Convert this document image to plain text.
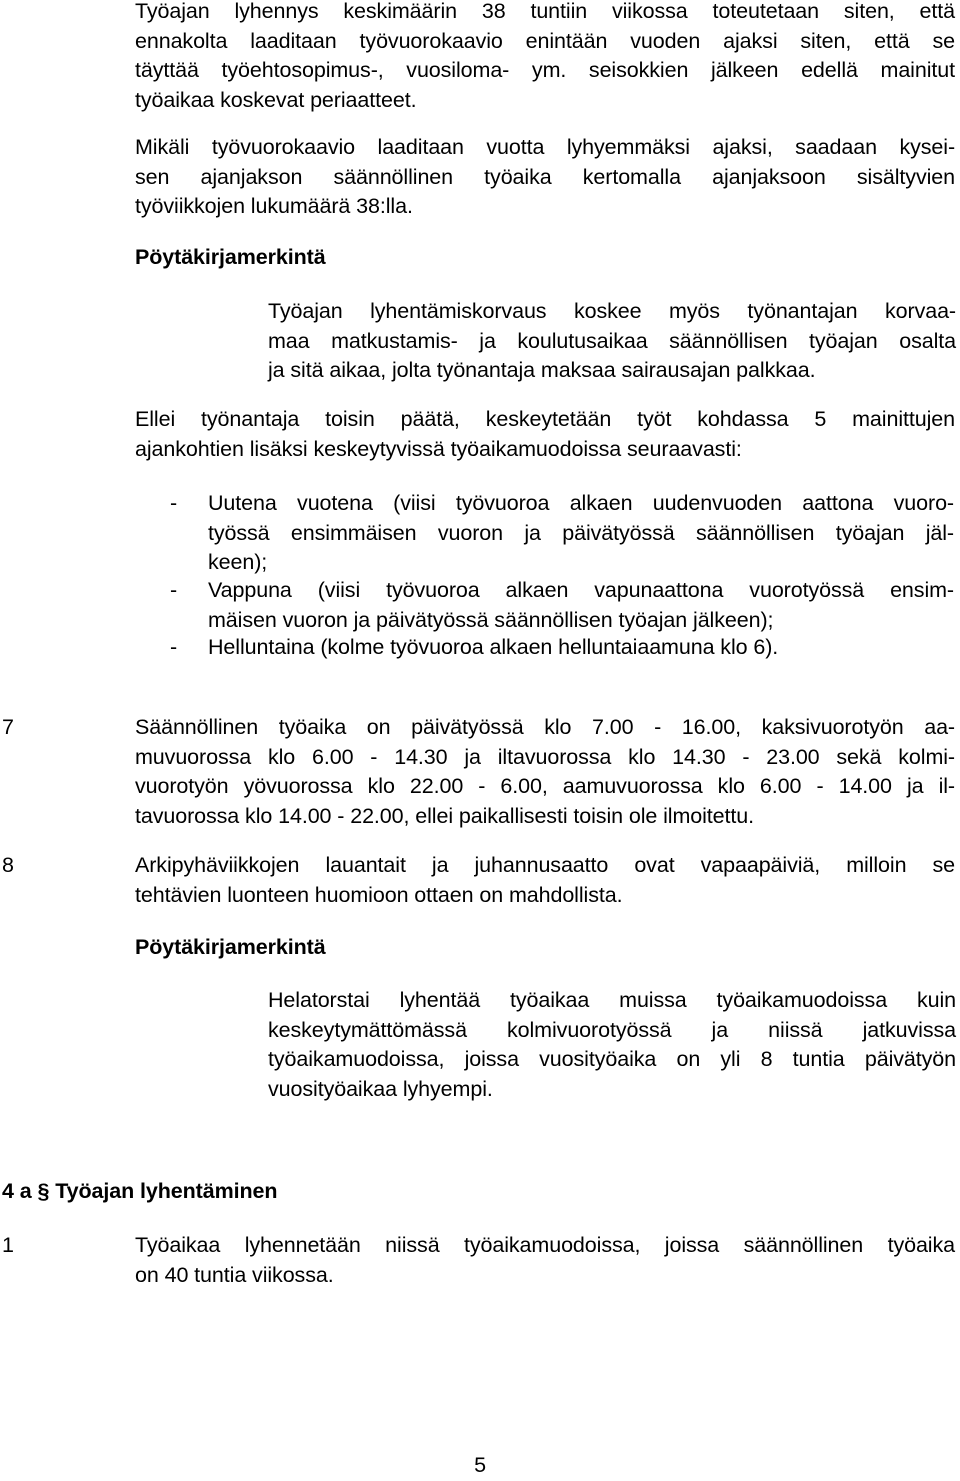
Työajan lyhennys keskimäärin 38 tuntiin viikossa toteutetaan siten, että
ennakolta laaditaan työvuorokaavio enintään vuoden ajaksi siten, että se
täyttää työehtosopimus-, vuosiloma- ym. seisokkien jälkeen edellä mainitut
työaikaa koskevat periaatteet.
Mikäli työvuorokaavio laaditaan vuotta lyhyemmäksi ajaksi, saadaan kysei-
sen ajanjakson säännöllinen työaika kertomalla ajanjaksoon sisältyvien
työviikkojen lukumäärä 38:lla.
Pöytäkirjamerkintä
Työajan lyhentämiskorvaus koskee myös työnantajan korvaa-
maa matkustamis- ja koulutusaikaa säännöllisen työajan osalta
ja sitä aikaa, jolta työnantaja maksaa sairausajan palkkaa.
Ellei työnantaja toisin päätä, keskeytetään työt kohdassa 5 mainittujen
ajankohtien lisäksi keskeytyvissä työaikamuodoissa seuraavasti:
- Uutena vuotena (viisi työvuoroa alkaen uudenvuoden aattona vuoro-
työssä ensimmäisen vuoron ja päivätyössä säännöllisen työajan jäl-
keen);
- Vappuna (viisi työvuoroa alkaen vapunaattona vuorotyössä ensim-
mäisen vuoron ja päivätyössä säännöllisen työajan jälkeen);
- Helluntaina (kolme työvuoroa alkaen helluntaiaamuna klo 6).
7	Säännöllinen työaika on päivätyössä klo 7.00 - 16.00, kaksivuorotyön aa-
muvuorossa klo 6.00 - 14.30 ja iltavuorossa klo 14.30 - 23.00 sekä kolmi-
vuorotyön yövuorossa klo 22.00 - 6.00, aamuvuorossa klo 6.00 - 14.00 ja il-
tavuorossa klo 14.00 - 22.00, ellei paikallisesti toisin ole ilmoitettu.
8	Arkipyhäviikkojen lauantait ja juhannusaatto ovat vapaapäiviä, milloin se
tehtävien luonteen huomioon ottaen on mahdollista.
Pöytäkirjamerkintä
Helatorstai lyhentää työaikaa muissa työaikamuodoissa kuin
keskeytymättömässä kolmivuorotyössä ja niissä jatkuvissa
työaikamuodoissa, joissa vuosityöaika on yli 8 tuntia päivätyön
vuosityöaikaa lyhyempi.
4 a § Työajan lyhentäminen
1	Työaikaa lyhennetään niissä työaikamuodoissa, joissa säännöllinen työaika
on 40 tuntia viikossa.
5
